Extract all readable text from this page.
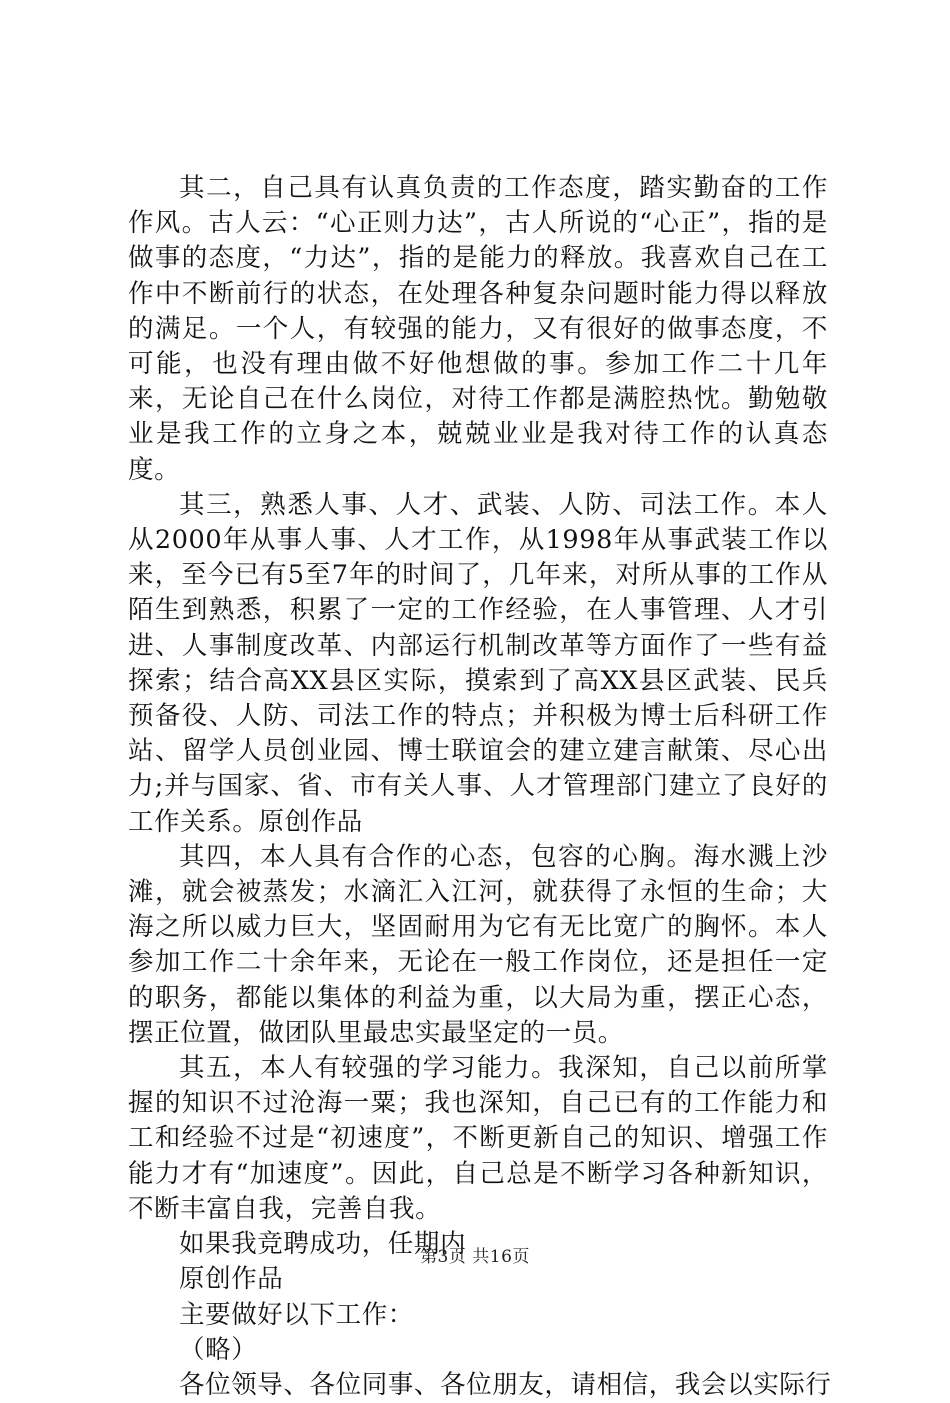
其二，自己具有认真负责的工作态度，踏实勤奋的工作作风。古人云：“心正则力达”，古人所说的“心正”，指的是做事的态度，“力达”，指的是能力的释放。我喜欢自己在工作中不断前行的状态，在处理各种复杂问题时能力得以释放的满足。一个人，有较强的能力，又有很好的做事态度，不可能，也没有理由做不好他想做的事。参加工作二十几年来，无论自己在什么岗位，对待工作都是满腔热忱。勤勉敬业是我工作的立身之本，兢兢业业是我对待工作的认真态度。

其三，熟悉人事、人才、武装、人防、司法工作。本人从2000年从事人事、人才工作，从1998年从事武装工作以来，至今已有5至7年的时间了，几年来，对所从事的工作从陌生到熟悉，积累了一定的工作经验，在人事管理、人才引进、人事制度改革、内部运行机制改革等方面作了一些有益探索；结合高XX县区实际，摸索到了高XX县区武装、民兵预备役、人防、司法工作的特点；并积极为博士后科研工作站、留学人员创业园、博士联谊会的建立建言献策、尽心出力;并与国家、省、市有关人事、人才管理部门建立了良好的工作关系。原创作品

其四，本人具有合作的心态，包容的心胸。海水溅上沙滩，就会被蒸发；水滴汇入江河，就获得了永恒的生命；大海之所以威力巨大，坚固耐用为它有无比宽广的胸怀。本人参加工作二十余年来，无论在一般工作岗位，还是担任一定的职务，都能以集体的利益为重，以大局为重，摆正心态，摆正位置，做团队里最忠实最坚定的一员。

其五，本人有较强的学习能力。我深知，自己以前所掌握的知识不过沧海一粟；我也深知，自己已有的工作能力和工和经验不过是“初速度”，不断更新自己的知识、增强工作能力才有“加速度”。因此，自己总是不断学习各种新知识，不断丰富自我，完善自我。

如果我竞聘成功，任期内

原创作品

主要做好以下工作：

（略）

各位领导、各位同事、各位朋友，请相信，我会以实际行

第3页 共16页
